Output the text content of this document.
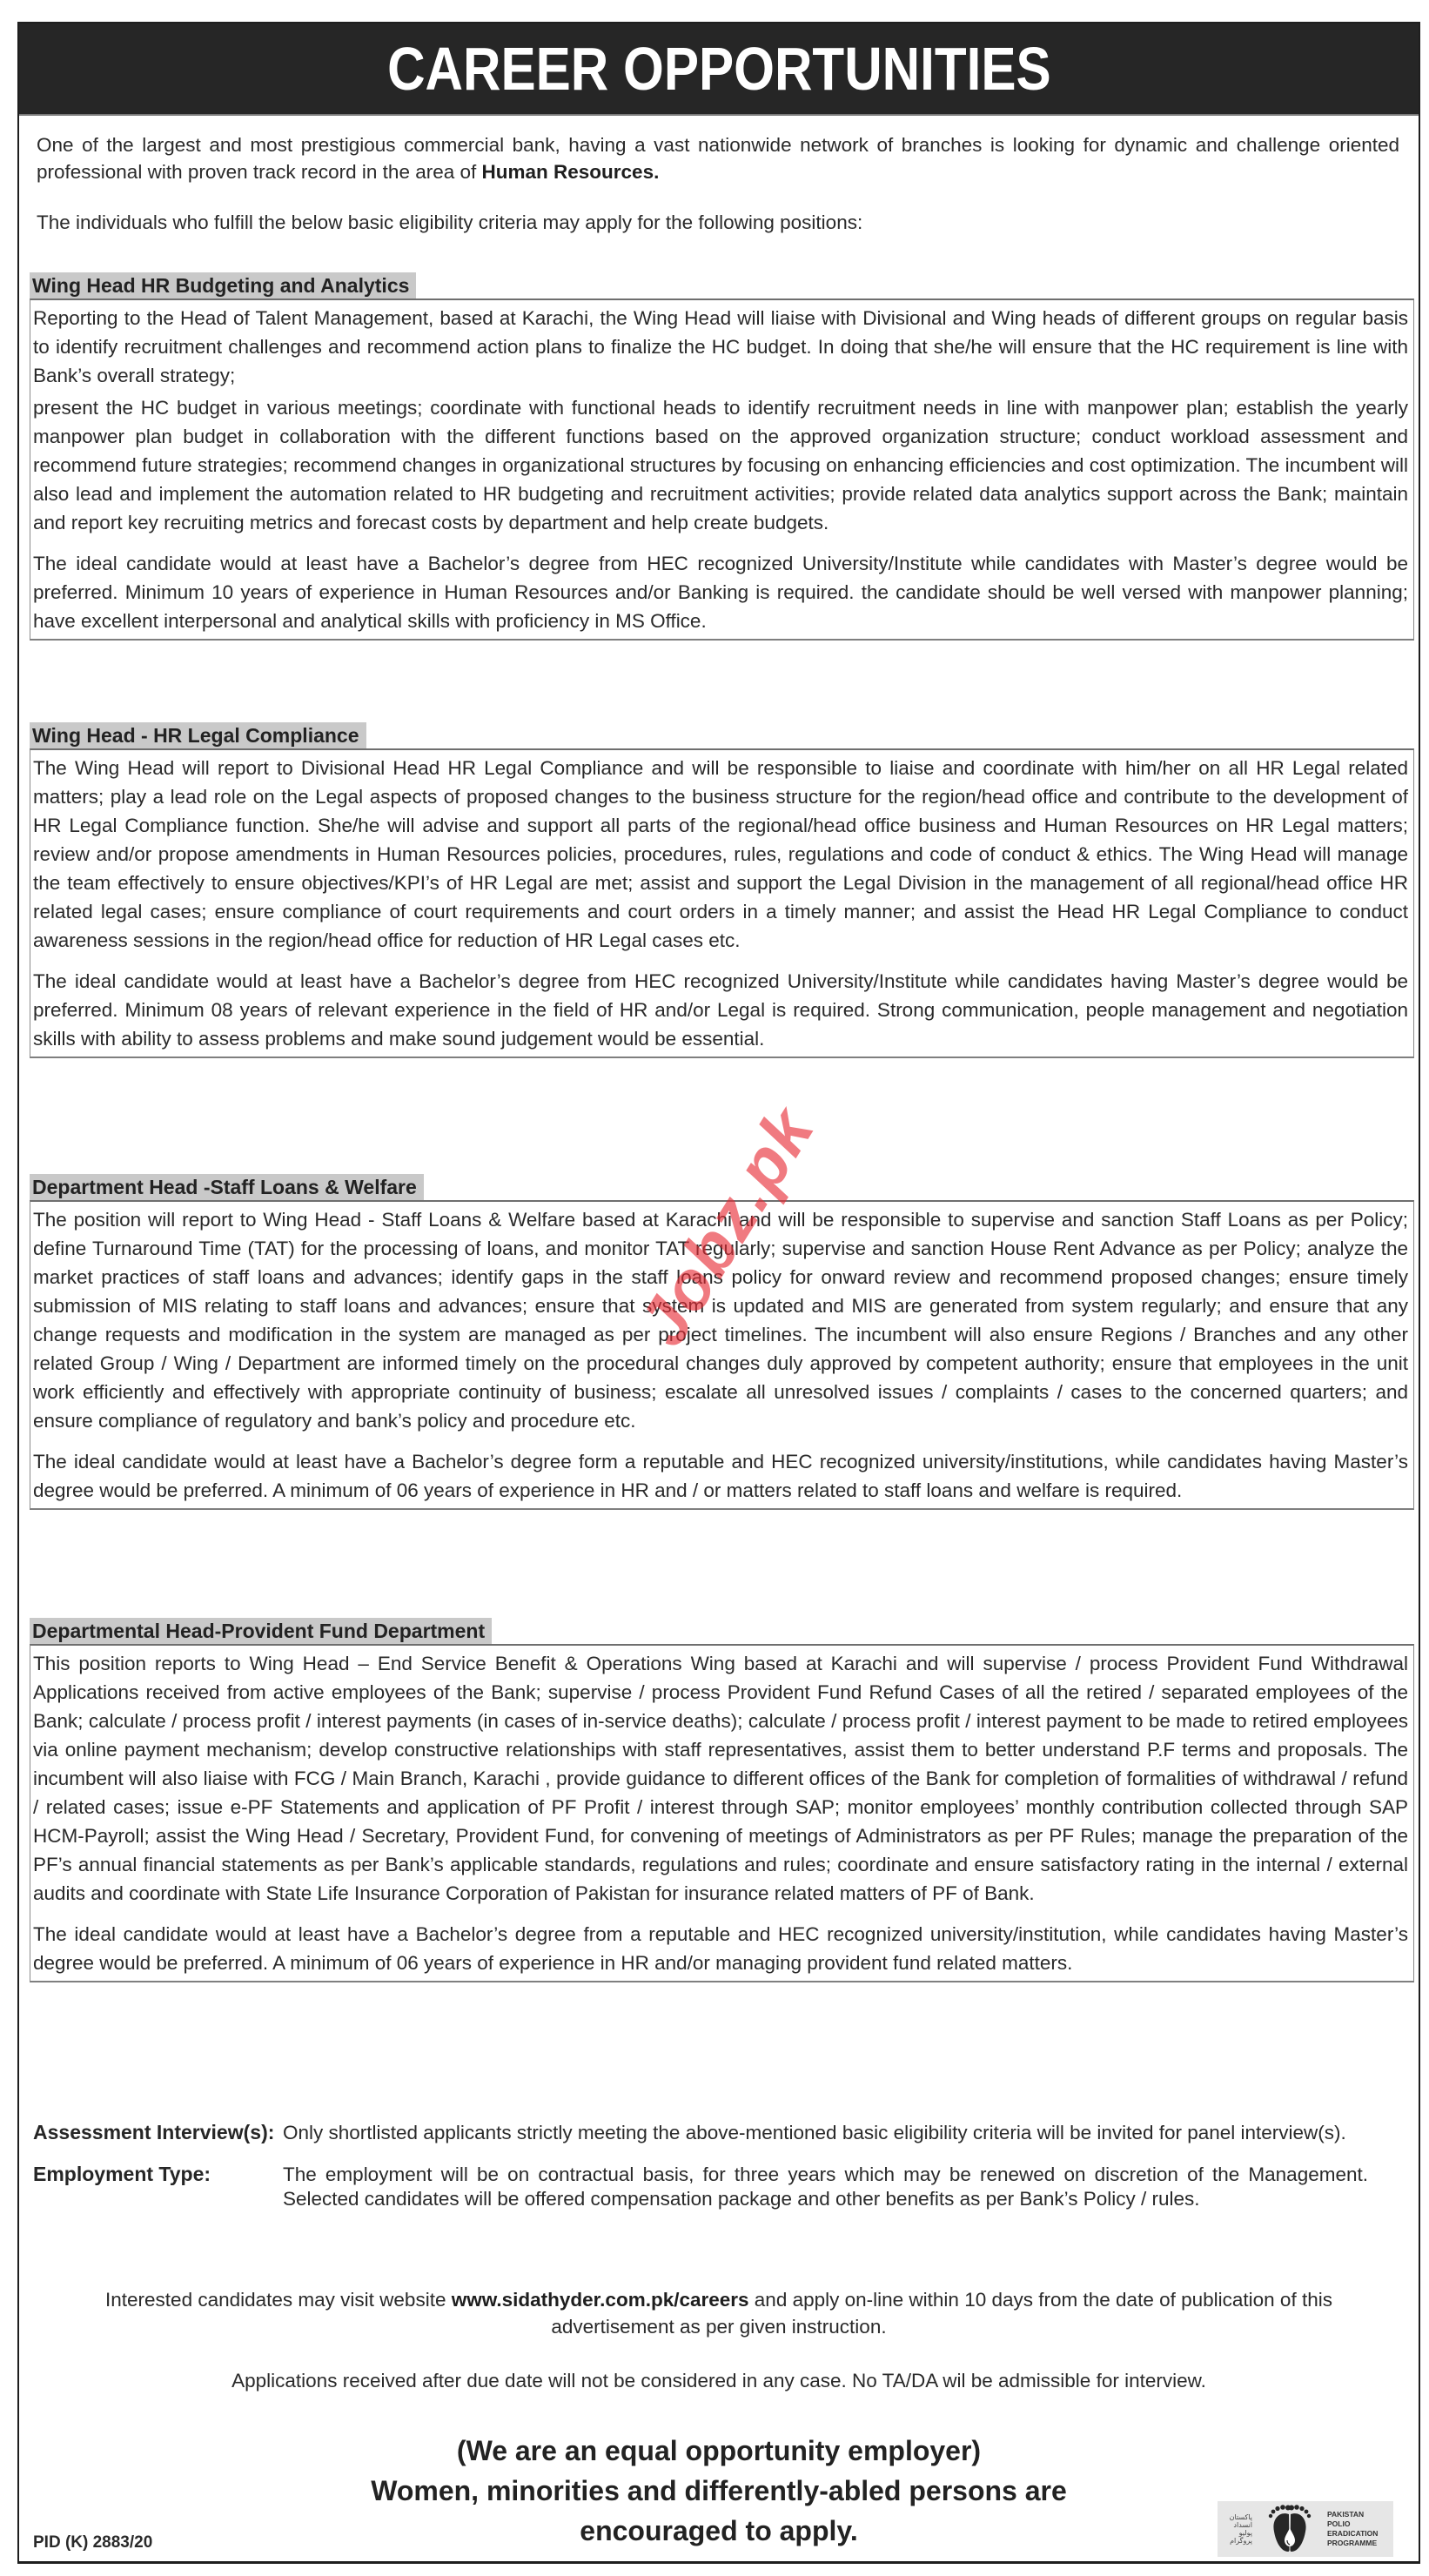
CAREER OPPORTUNITIES
One of the largest and most prestigious commercial bank, having a vast nationwide network of branches is looking for dynamic and challenge oriented professional with proven track record in the area of Human Resources.
The individuals who fulfill the below basic eligibility criteria may apply for the following positions:
Wing Head HR Budgeting and Analytics

Reporting to the Head of Talent Management, based at Karachi, the Wing Head will liaise with Divisional and Wing heads of different groups on regular basis to identify recruitment challenges and recommend action plans to finalize the HC budget. In doing that she/he will ensure that the HC requirement is line with Bank’s overall strategy;

present the HC budget in various meetings; coordinate with functional heads to identify recruitment needs in line with manpower plan; establish the yearly manpower plan budget in collaboration with the different functions based on the approved organization structure; conduct workload assessment and recommend future strategies; recommend changes in organizational structures by focusing on enhancing efficiencies and cost optimization. The incumbent will also lead and implement the automation related to HR budgeting and recruitment activities; provide related data analytics support across the Bank; maintain and report key recruiting metrics and forecast costs by department and help create budgets.

The ideal candidate would at least have a Bachelor’s degree from HEC recognized University/Institute while candidates with Master’s degree would be preferred. Minimum 10 years of experience in Human Resources and/or Banking is required. the candidate should be well versed with manpower planning; have excellent interpersonal and analytical skills with proficiency in MS Office.

Wing Head - HR Legal Compliance

The Wing Head will report to Divisional Head HR Legal Compliance and will be responsible to liaise and coordinate with him/her on all HR Legal related matters; play a lead role on the Legal aspects of proposed changes to the business structure for the region/head office and contribute to the development of HR Legal Compliance function. She/he will advise and support all parts of the regional/head office business and Human Resources on HR Legal matters; review and/or propose amendments in Human Resources policies, procedures, rules, regulations and code of conduct & ethics. The Wing Head will manage the team effectively to ensure objectives/KPI’s of HR Legal are met; assist and support the Legal Division in the management of all regional/head office HR related legal cases; ensure compliance of court requirements and court orders in a timely manner; and assist the Head HR Legal Compliance to conduct awareness sessions in the region/head office for reduction of HR Legal cases etc.

The ideal candidate would at least have a Bachelor’s degree from HEC recognized University/Institute while candidates having Master’s degree would be preferred. Minimum 08 years of relevant experience in the field of HR and/or Legal is required. Strong communication, people management and negotiation skills with ability to assess problems and make sound judgement would be essential.

Department Head -Staff Loans & Welfare

The position will report to Wing Head - Staff Loans & Welfare based at Karachi and will be responsible to supervise and sanction Staff Loans as per Policy; define Turnaround Time (TAT) for the processing of loans, and monitor TAT regularly; supervise and sanction House Rent Advance as per Policy; analyze the market practices of staff loans and advances; identify gaps in the staff loans policy for onward review and recommend proposed changes; ensure timely submission of MIS relating to staff loans and advances; ensure that system is updated and MIS are generated from system regularly; and ensure that any change requests and modification in the system are managed as per project timelines. The incumbent will also ensure Regions / Branches and any other related Group / Wing / Department are informed timely on the procedural changes duly approved by competent authority; ensure that employees in the unit work efficiently and effectively with appropriate continuity of business; escalate all unresolved issues / complaints / cases to the concerned quarters; and ensure compliance of regulatory and bank’s policy and procedure etc.

The ideal candidate would at least have a Bachelor’s degree form a reputable and HEC recognized university/institutions, while candidates having Master’s degree would be preferred. A minimum of 06 years of experience in HR and / or matters related to staff loans and welfare is required.

Departmental Head-Provident Fund Department

This position reports to Wing Head – End Service Benefit & Operations Wing based at Karachi and will supervise / process Provident Fund Withdrawal Applications received from active employees of the Bank; supervise / process Provident Fund Refund Cases of all the retired / separated employees of the Bank; calculate / process profit / interest payments (in cases of in-service deaths); calculate / process profit / interest payment to be made to retired employees via online payment mechanism; develop constructive relationships with staff representatives, assist them to better understand P.F terms and proposals. The incumbent will also liaise with FCG / Main Branch, Karachi , provide guidance to different offices of the Bank for completion of formalities of withdrawal / refund / related cases; issue e-PF Statements and application of PF Profit / interest through SAP; monitor employees’ monthly contribution collected through SAP HCM-Payroll; assist the Wing Head / Secretary, Provident Fund, for convening of meetings of Administrators as per PF Rules; manage the preparation of the PF’s annual financial statements as per Bank’s applicable standards, regulations and rules; coordinate and ensure satisfactory rating in the internal / external audits and coordinate with State Life Insurance Corporation of Pakistan for insurance related matters of PF of Bank.

The ideal candidate would at least have a Bachelor’s degree from a reputable and HEC recognized university/institution, while candidates having Master’s degree would be preferred. A minimum of 06 years of experience in HR and/or managing provident fund related matters.

Assessment Interview(s): Only shortlisted applicants strictly meeting the above-mentioned basic eligibility criteria will be invited for panel interview(s).
Employment Type:	The employment will be on contractual basis, for three years which may be renewed on discretion of the Management. Selected candidates will be offered compensation package and other benefits as per Bank’s Policy / rules.
Interested candidates may visit website www.sidathyder.com.pk/careers and apply on-line within 10 days from the date of publication of this advertisement as per given instruction.
Applications received after due date will not be considered in any case. No TA/DA wil be admissible for interview.
(We are an equal opportunity employer)
Women, minorities and differently-abled persons are
encouraged to apply.
PID (K) 2883/20
پاکستان
انسداد
پولیو
پروگرام
PAKISTAN
POLIO
ERADICATION
PROGRAMME
Jobz.pk
